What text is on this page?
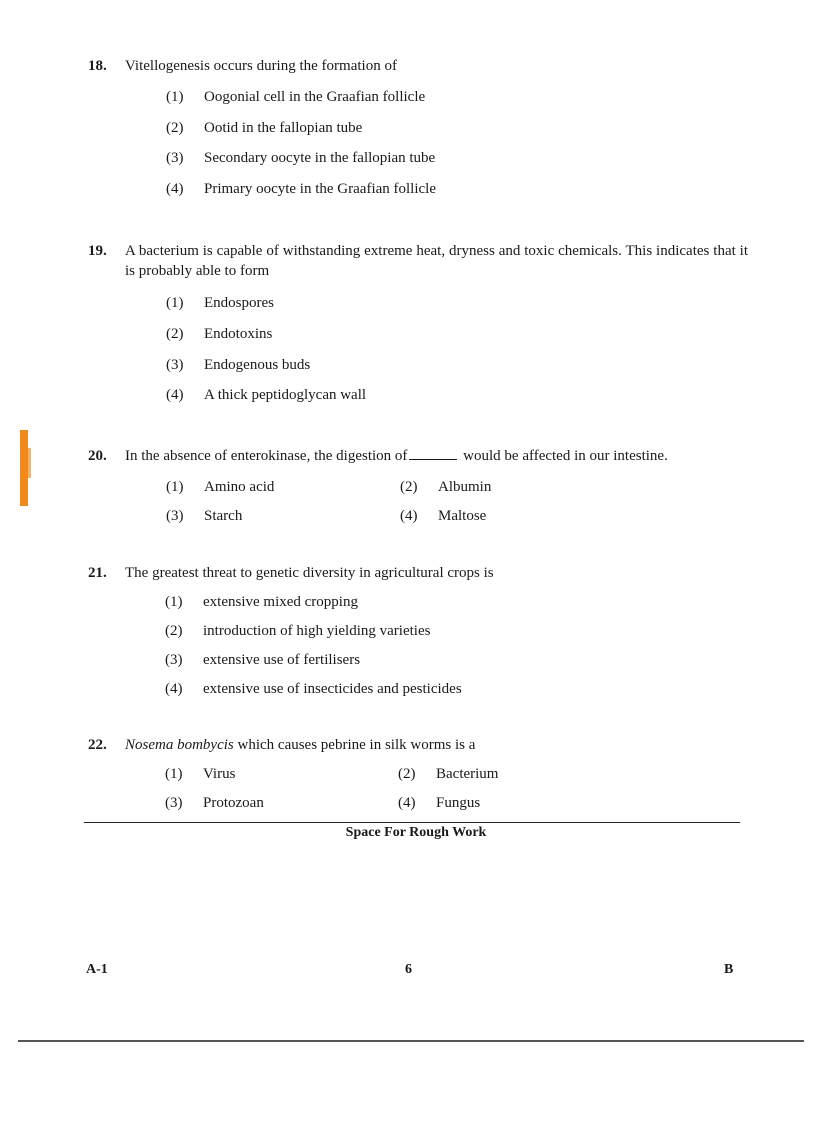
18. Vitellogenesis occurs during the formation of
(1) Oogonial cell in the Graafian follicle
(2) Ootid in the fallopian tube
(3) Secondary oocyte in the fallopian tube
(4) Primary oocyte in the Graafian follicle
19. A bacterium is capable of withstanding extreme heat, dryness and toxic chemicals. This indicates that it is probably able to form
(1) Endospores
(2) Endotoxins
(3) Endogenous buds
(4) A thick peptidoglycan wall
20. In the absence of enterokinase, the digestion of	would be affected in our intestine.
(1) Amino acid	(2) Albumin
(3) Starch	(4) Maltose
21. The greatest threat to genetic diversity in agricultural crops is
(1) extensive mixed cropping
(2) introduction of high yielding varieties
(3) extensive use of fertilisers
(4) extensive use of insecticides and pesticides
22. Nosema bombycis which causes pebrine in silk worms is a
(1) Virus	(2) Bacterium
(3) Protozoan	(4) Fungus
Space For Rough Work
A-1	6	B
